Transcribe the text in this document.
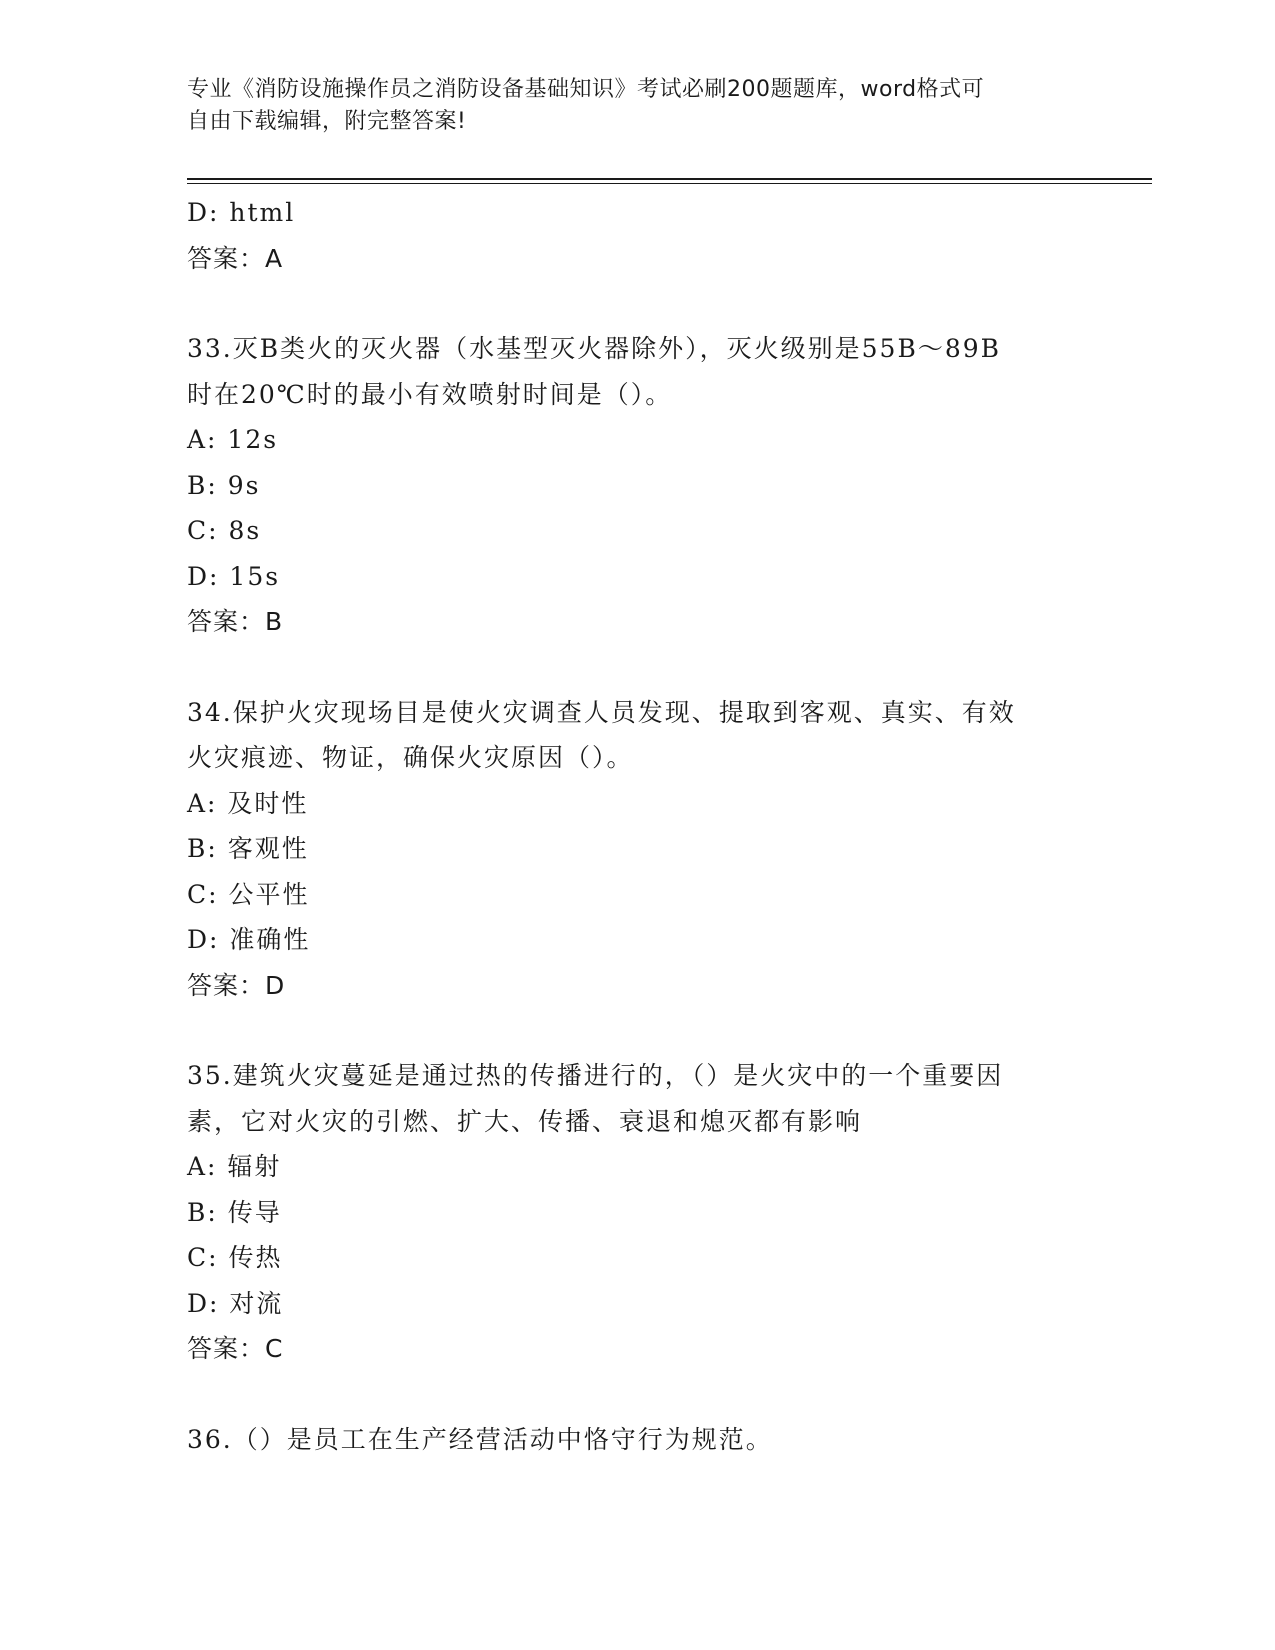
专业《消防设施操作员之消防设备基础知识》考试必刷200题题库，word格式可
自由下载编辑，附完整答案!
D: html
答案：A
33.灭B类火的灭火器（水基型灭火器除外），灭火级别是55B～89B
时在20℃时的最小有效喷射时间是（）。
A: 12s
B: 9s
C: 8s
D: 15s
答案：B
34.保护火灾现场目是使火灾调查人员发现、提取到客观、真实、有效
火灾痕迹、物证，确保火灾原因（）。
A: 及时性
B: 客观性
C: 公平性
D: 准确性
答案：D
35.建筑火灾蔓延是通过热的传播进行的，（）是火灾中的一个重要因
素，它对火灾的引燃、扩大、传播、衰退和熄灭都有影响
A: 辐射
B: 传导
C: 传热
D: 对流
答案：C
36.（）是员工在生产经营活动中恪守行为规范。
